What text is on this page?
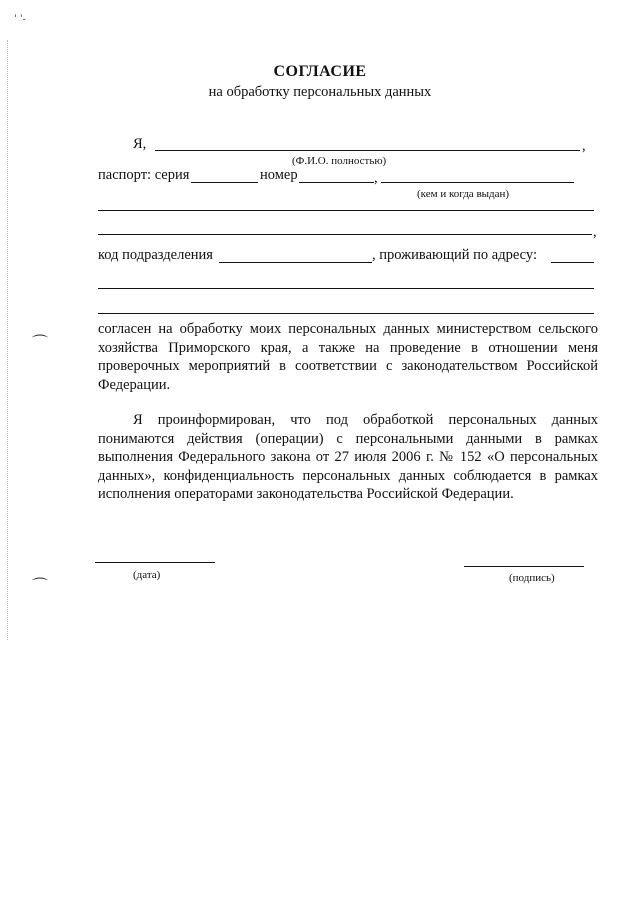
ˈ ˈ˗
⌒
⌒
СОГЛАСИЕ
на обработку персональных данных
Я,	,
(Ф.И.О. полностью)
паспорт: серия	номер	,
(кем и когда выдан)
,
код подразделения	, проживающий по адресу:
согласен на обработку моих персональных данных министерством сельского хозяйства Приморского края, а также на проведение в отношении меня проверочных мероприятий в соответствии с законодательством Российской Федерации.
Я проинформирован, что под обработкой персональных данных понимаются действия (операции) с персональными данными в рамках выполнения Федерального закона от 27 июля 2006 г. № 152 «О персональных данных», конфиденциальность персональных данных соблюдается в рамках исполнения операторами законодательства Российской Федерации.
(дата)	(подпись)
